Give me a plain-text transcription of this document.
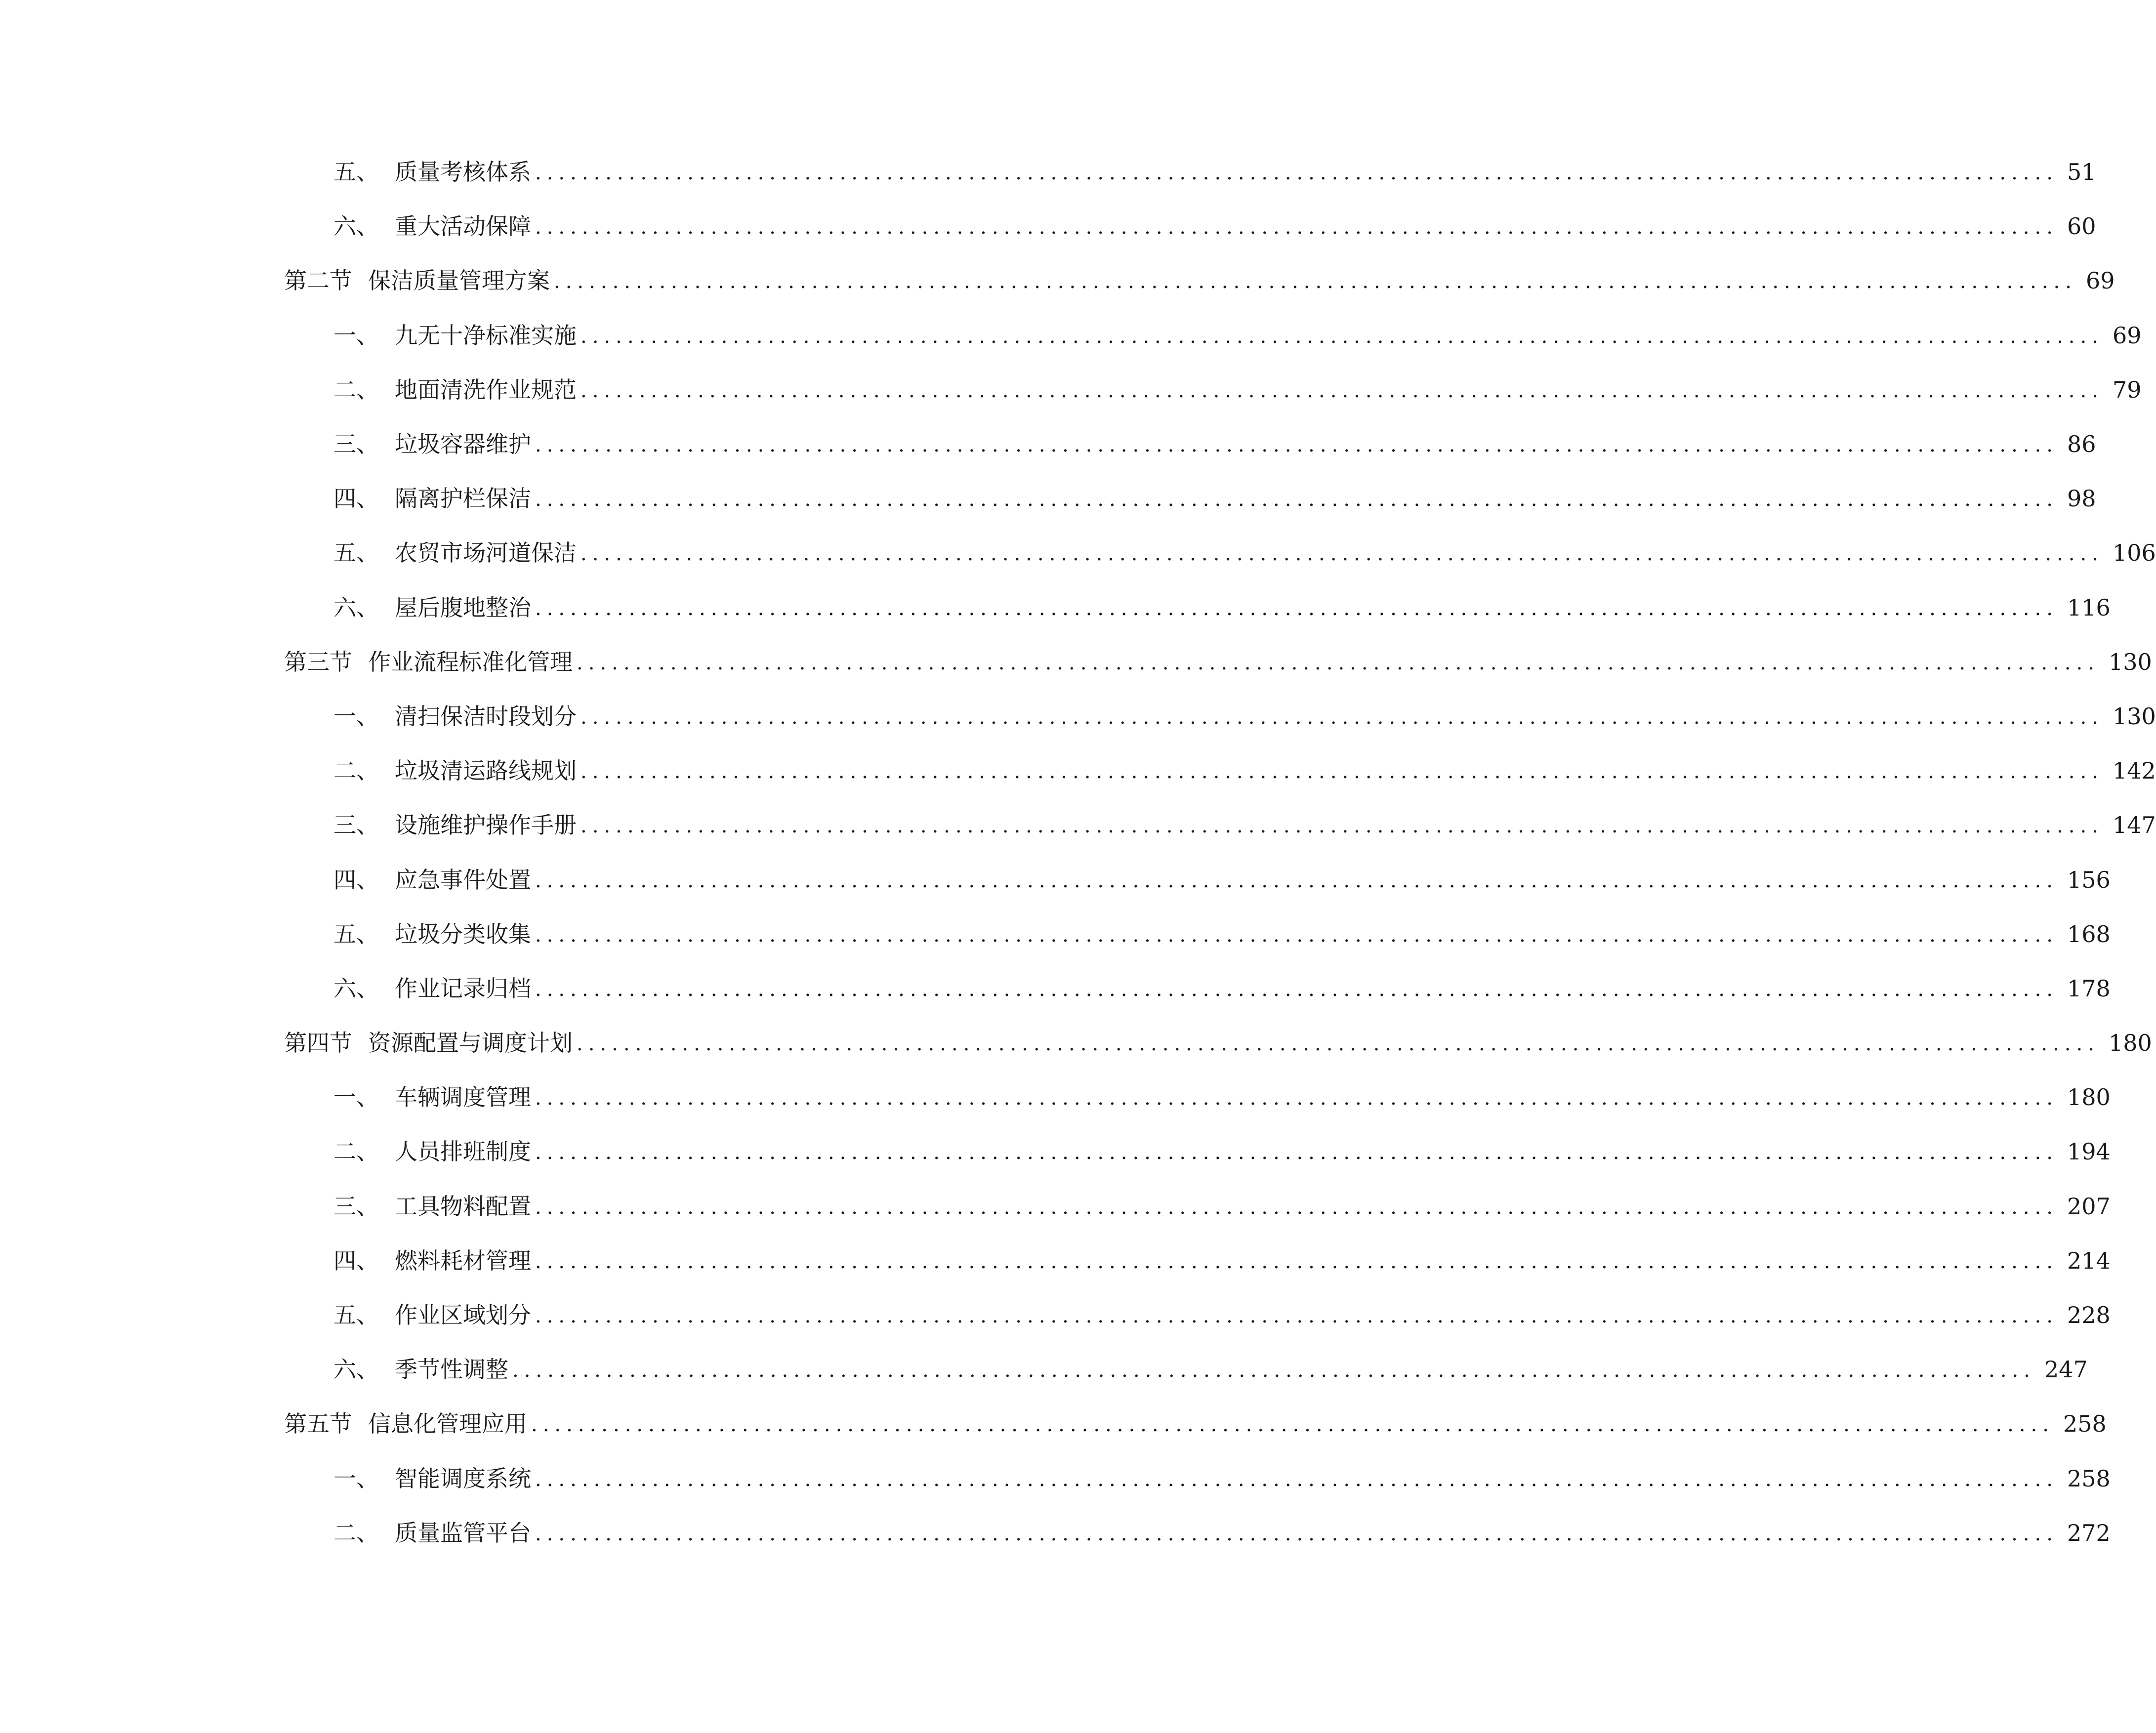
五、 质量考核体系 .................................................................................................................................. 51
六、 重大活动保障 .................................................................................................................................. 60
第二节 保洁质量管理方案 .................................................................................................................................. 69
一、 九无十净标准实施 .................................................................................................................................. 69
二、 地面清洗作业规范 .................................................................................................................................. 79
三、 垃圾容器维护 .................................................................................................................................. 86
四、 隔离护栏保洁 .................................................................................................................................. 98
五、 农贸市场河道保洁 .................................................................................................................................. 106
六、 屋后腹地整治 .................................................................................................................................. 116
第三节 作业流程标准化管理 .................................................................................................................................. 130
一、 清扫保洁时段划分 .................................................................................................................................. 130
二、 垃圾清运路线规划 .................................................................................................................................. 142
三、 设施维护操作手册 .................................................................................................................................. 147
四、 应急事件处置 .................................................................................................................................. 156
五、 垃圾分类收集 .................................................................................................................................. 168
六、 作业记录归档 .................................................................................................................................. 178
第四节 资源配置与调度计划 .................................................................................................................................. 180
一、 车辆调度管理 .................................................................................................................................. 180
二、 人员排班制度 .................................................................................................................................. 194
三、 工具物料配置 .................................................................................................................................. 207
四、 燃料耗材管理 .................................................................................................................................. 214
五、 作业区域划分 .................................................................................................................................. 228
六、 季节性调整 .................................................................................................................................. 247
第五节 信息化管理应用 .................................................................................................................................. 258
一、 智能调度系统 .................................................................................................................................. 258
二、 质量监管平台 .................................................................................................................................. 272
